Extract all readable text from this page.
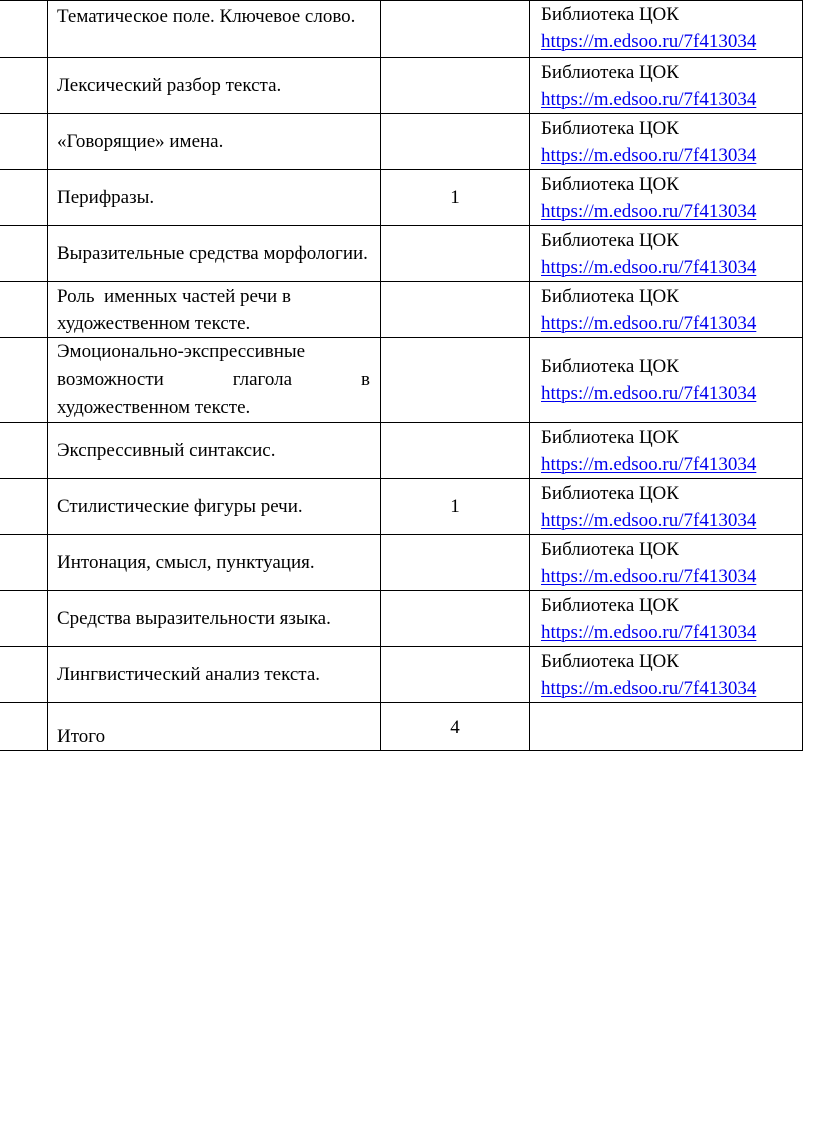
	Тематическое поле. Ключевое слово.		Библиотека ЦОК
https://m.edsoo.ru/7f413034

	Лексический разбор текста.		Библиотека ЦОК
https://m.edsoo.ru/7f413034

	«Говорящие» имена.		Библиотека ЦОК
https://m.edsoo.ru/7f413034

	Перифразы.	1	Библиотека ЦОК
https://m.edsoo.ru/7f413034

	Выразительные средства морфологии.		Библиотека ЦОК
https://m.edsoo.ru/7f413034

	Роль  именных частей речи в художественном тексте.		Библиотека ЦОК
https://m.edsoo.ru/7f413034

	Эмоционально-экспрессивные
возможности глагола в
художественном тексте.		Библиотека ЦОК
https://m.edsoo.ru/7f413034

	Экспрессивный синтаксис.		Библиотека ЦОК
https://m.edsoo.ru/7f413034

	Стилистические фигуры речи.	1	Библиотека ЦОК
https://m.edsoo.ru/7f413034

	Интонация, смысл, пунктуация.		Библиотека ЦОК
https://m.edsoo.ru/7f413034

	Средства выразительности языка.		Библиотека ЦОК
https://m.edsoo.ru/7f413034

	Лингвистический анализ текста.		Библиотека ЦОК
https://m.edsoo.ru/7f413034

	Итого	4	
